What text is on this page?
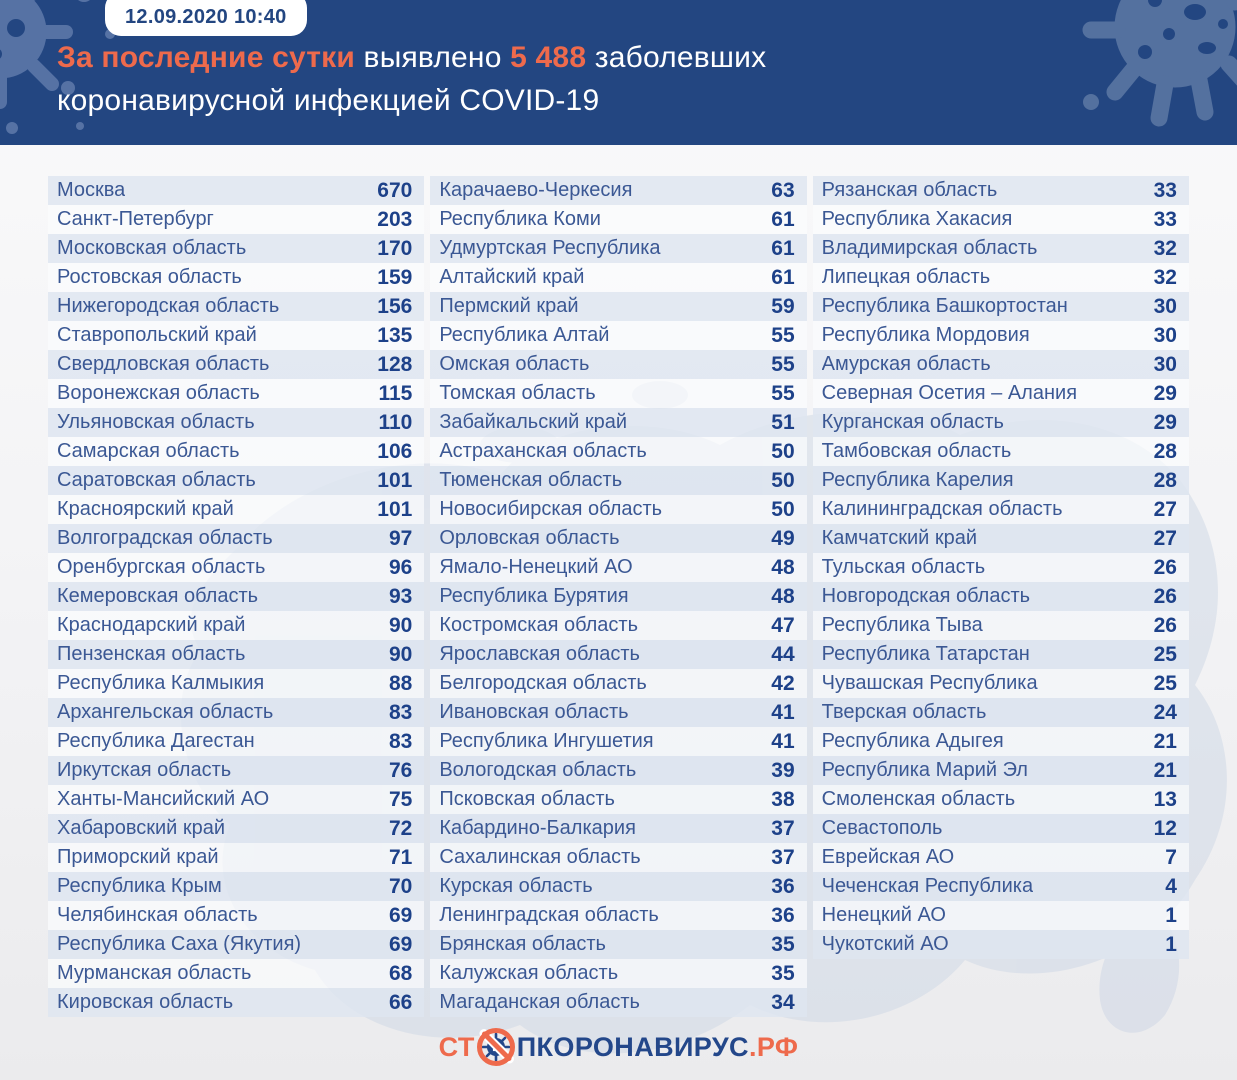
12.09.2020 10:40
За последние сутки выявлено 5 488 заболевших
коронавирусной инфекцией COVID-19
Москва	670
Санкт-Петербург	203
Московская область	170
Ростовская область	159
Нижегородская область	156
Ставропольский край	135
Свердловская область	128
Воронежская область	115
Ульяновская область	110
Самарская область	106
Саратовская область	101
Красноярский край	101
Волгоградская область	97
Оренбургская область	96
Кемеровская область	93
Краснодарский край	90
Пензенская область	90
Республика Калмыкия	88
Архангельская область	83
Республика Дагестан	83
Иркутская область	76
Ханты-Мансийский АО	75
Хабаровский край	72
Приморский край	71
Республика Крым	70
Челябинская область	69
Республика Саха (Якутия)	69
Мурманская область	68
Кировская область	66
Карачаево-Черкесия	63
Республика Коми	61
Удмуртская Республика	61
Алтайский край	61
Пермский край	59
Республика Алтай	55
Омская область	55
Томская область	55
Забайкальский край	51
Астраханская область	50
Тюменская область	50
Новосибирская область	50
Орловская область	49
Ямало-Ненецкий АО	48
Республика Бурятия	48
Костромская область	47
Ярославская область	44
Белгородская область	42
Ивановская область	41
Республика Ингушетия	41
Вологодская область	39
Псковская область	38
Кабардино-Балкария	37
Сахалинская область	37
Курская область	36
Ленинградская область	36
Брянская область	35
Калужская область	35
Магаданская область	34
Рязанская область	33
Республика Хакасия	33
Владимирская область	32
Липецкая область	32
Республика Башкортостан	30
Республика Мордовия	30
Амурская область	30
Северная Осетия – Алания	29
Курганская область	29
Тамбовская область	28
Республика Карелия	28
Калининградская область	27
Камчатский край	27
Тульская область	26
Новгородская область	26
Республика Тыва	26
Республика Татарстан	25
Чувашская Республика	25
Тверская область	24
Республика Адыгея	21
Республика Марий Эл	21
Смоленская область	13
Севастополь	12
Еврейская АО	7
Чеченская Республика	4
Ненецкий АО	1
Чукотский АО	1
СТ ПКОРОНАВИРУС .РФ
